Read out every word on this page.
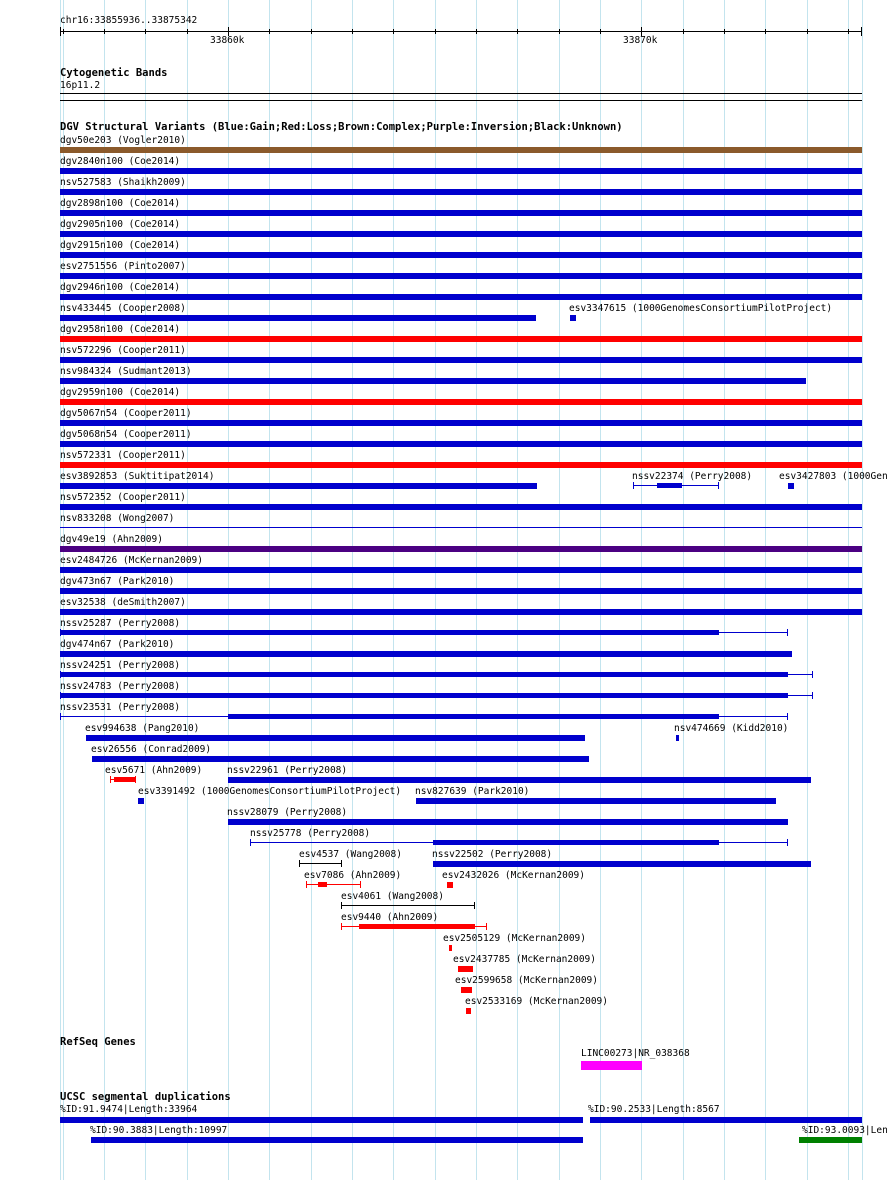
chr16:33855936..33875342
33860k	33870k
Cytogenetic Bands
16p11.2
DGV Structural Variants (Blue:Gain;Red:Loss;Brown:Complex;Purple:Inversion;Black:Unknown)
dgv50e203 (Vogler2010)
dgv2840n100 (Coe2014)
nsv527583 (Shaikh2009)
dgv2898n100 (Coe2014)
dgv2905n100 (Coe2014)
dgv2915n100 (Coe2014)
esv2751556 (Pinto2007)
dgv2946n100 (Coe2014)
nsv433445 (Cooper2008)	esv3347615 (1000GenomesConsortiumPilotProject)
dgv2958n100 (Coe2014)
nsv572296 (Cooper2011)
nsv984324 (Sudmant2013)
dgv2959n100 (Coe2014)
dgv5067n54 (Cooper2011)
dgv5068n54 (Cooper2011)
nsv572331 (Cooper2011)
esv3892853 (Suktitipat2014)	nssv22374 (Perry2008)	esv3427803 (1000Gen
nsv572352 (Cooper2011)
nsv833208 (Wong2007)
dgv49e19 (Ahn2009)
esv2484726 (McKernan2009)
dgv473n67 (Park2010)
esv32538 (deSmith2007)
nssv25287 (Perry2008)
dgv474n67 (Park2010)
nssv24251 (Perry2008)
nssv24783 (Perry2008)
nssv23531 (Perry2008)
esv994638 (Pang2010)	nsv474669 (Kidd2010)
esv26556 (Conrad2009)
esv5671 (Ahn2009)	nssv22961 (Perry2008)
esv3391492 (1000GenomesConsortiumPilotProject) nsv827639 (Park2010)
nssv28079 (Perry2008)
nssv25778 (Perry2008)
esv4537 (Wang2008)	nssv22502 (Perry2008)
esv7086 (Ahn2009)	esv2432026 (McKernan2009)
esv4061 (Wang2008)
esv9440 (Ahn2009)
esv2505129 (McKernan2009)
esv2437785 (McKernan2009)
esv2599658 (McKernan2009)
esv2533169 (McKernan2009)
RefSeq Genes
LINC00273|NR_038368
UCSC segmental duplications
%ID:91.9474|Length:33964	%ID:90.2533|Length:8567
%ID:90.3883|Length:10997	%ID:93.0093|Len
